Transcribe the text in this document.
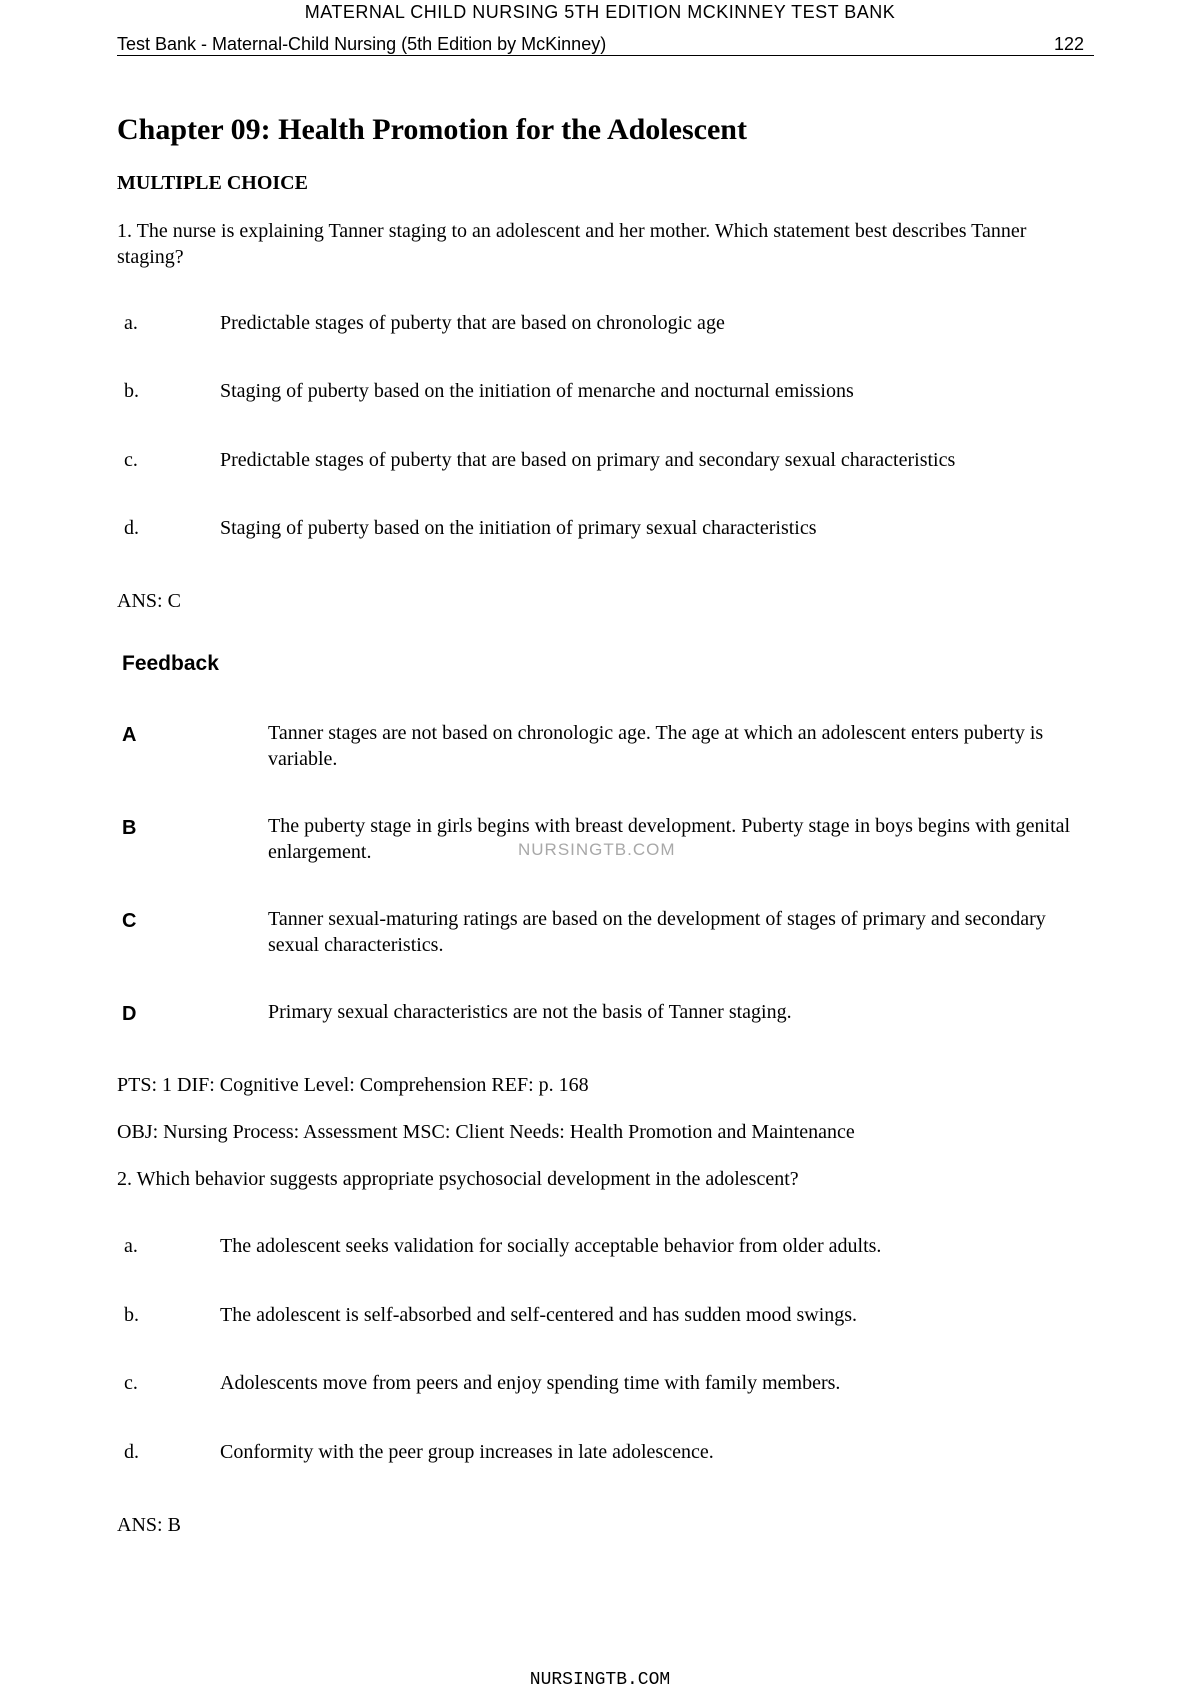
MATERNAL CHILD NURSING 5TH EDITION MCKINNEY TEST BANK
Test Bank - Maternal-Child Nursing (5th Edition by McKinney)	122
Chapter 09: Health Promotion for the Adolescent
MULTIPLE CHOICE
1. The nurse is explaining Tanner staging to an adolescent and her mother. Which statement best describes Tanner staging?
a.	Predictable stages of puberty that are based on chronologic age
b.	Staging of puberty based on the initiation of menarche and nocturnal emissions
c.	Predictable stages of puberty that are based on primary and secondary sexual characteristics
d.	Staging of puberty based on the initiation of primary sexual characteristics
ANS: C
Feedback
A	Tanner stages are not based on chronologic age. The age at which an adolescent enters puberty is variable.
B	The puberty stage in girls begins with breast development. Puberty stage in boys begins with genital enlargement.	NURSINGTB.COM
C	Tanner sexual-maturing ratings are based on the development of stages of primary and secondary sexual characteristics.
D	Primary sexual characteristics are not the basis of Tanner staging.
PTS: 1 DIF: Cognitive Level: Comprehension REF: p. 168
OBJ: Nursing Process: Assessment MSC: Client Needs: Health Promotion and Maintenance
2. Which behavior suggests appropriate psychosocial development in the adolescent?
a.	The adolescent seeks validation for socially acceptable behavior from older adults.
b.	The adolescent is self-absorbed and self-centered and has sudden mood swings.
c.	Adolescents move from peers and enjoy spending time with family members.
d.	Conformity with the peer group increases in late adolescence.
ANS: B
NURSINGTB.COM
